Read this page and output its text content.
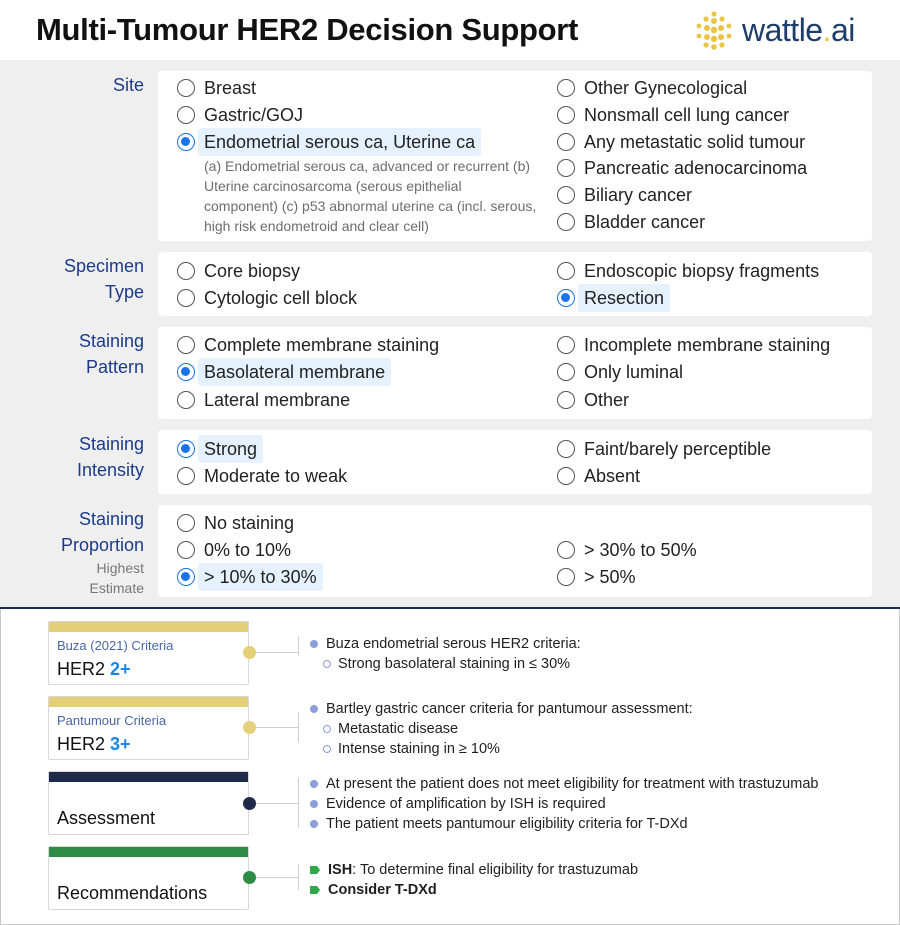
Multi-Tumour HER2 Decision Support	wattle.ai
Site	Breast
Gastric/GOJ
Endometrial serous ca, Uterine ca
(a) Endometrial serous ca, advanced or recurrent (b) Uterine carcinosarcoma (serous epithelial component) (c) p53 abnormal uterine ca (incl. serous, high risk endometroid and clear cell)
Other Gynecological
Nonsmall cell lung cancer
Any metastatic solid tumour
Pancreatic adenocarcinoma
Biliary cancer
Bladder cancer
Specimen
Type
Core biopsy
Cytologic cell block
Endoscopic biopsy fragments
Resection
Staining
Pattern
Complete membrane staining
Basolateral membrane
Lateral membrane
Incomplete membrane staining
Only luminal
Other
Staining
Intensity
Strong
Moderate to weak
Faint/barely perceptible
Absent
Staining
Proportion
Highest
Estimate
No staining
0% to 10%
> 10% to 30%
> 30% to 50%
> 50%
Buza (2021) Criteria
HER2 2+
Buza endometrial serous HER2 criteria:
Strong basolateral staining in ≤ 30%
Pantumour Criteria
HER2 3+
Bartley gastric cancer criteria for pantumour assessment:
Metastatic disease
Intense staining in ≥ 10%
Assessment
At present the patient does not meet eligibility for treatment with trastuzumab
Evidence of amplification by ISH is required
The patient meets pantumour eligibility criteria for T-DXd
Recommendations
ISH : To determine final eligibility for trastuzumab
Consider T-DXd
